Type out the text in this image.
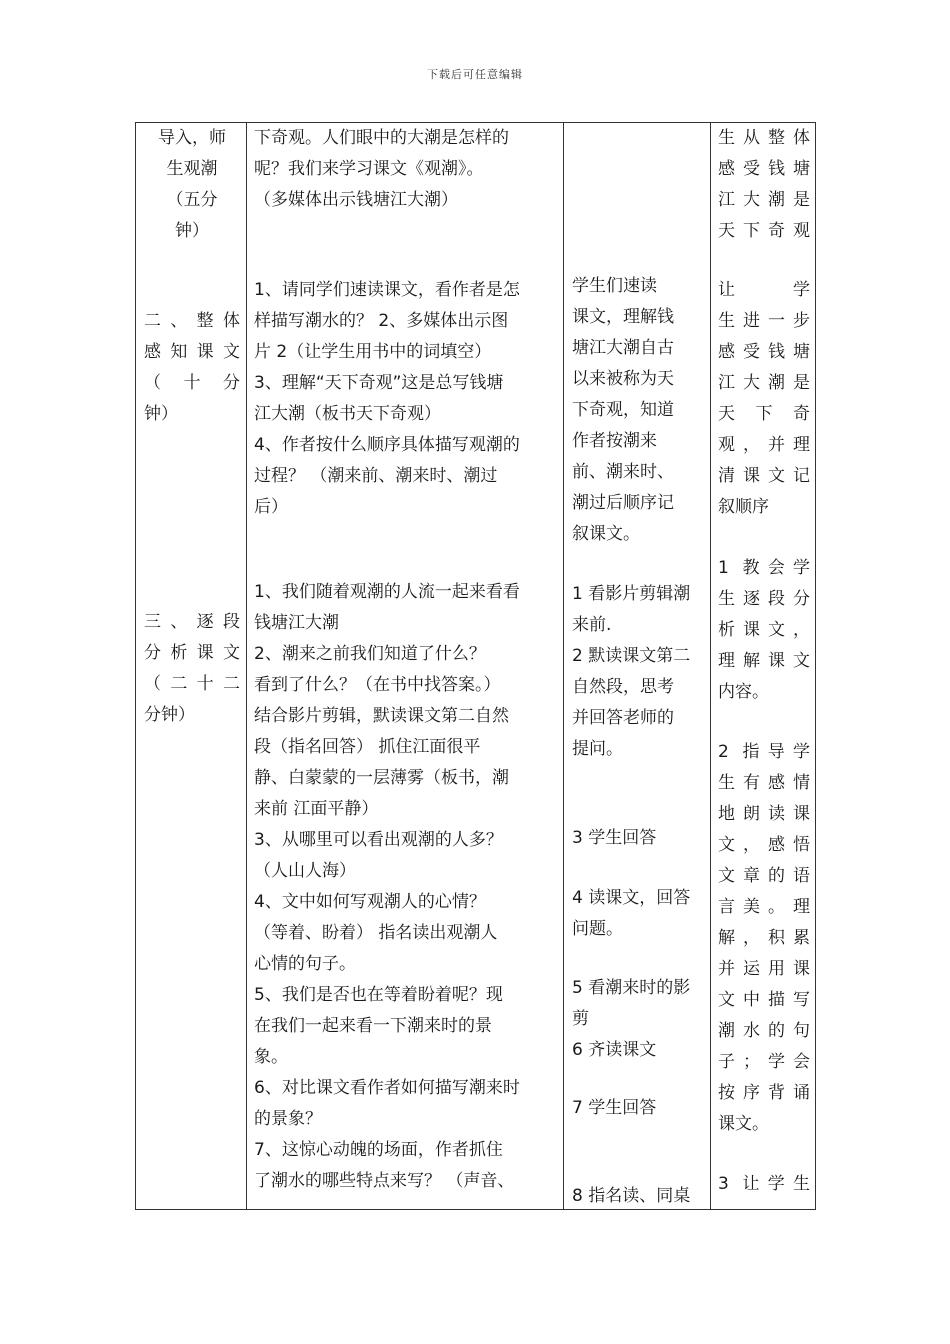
下载后可任意编辑

导入，师

生观潮

（五分

钟）

二、整体

感知课文

（ 十 分

钟）

三、逐段

分析课文

（二十二

分钟）

下奇观。人们眼中的大潮是怎样的

呢？我们来学习课文《观潮》。

（多媒体出示钱塘江大潮）

1、请同学们速读课文，看作者是怎

样描写潮水的？ 2、多媒体出示图

片 2（让学生用书中的词填空）

3、理解“天下奇观”这是总写钱塘

江大潮（板书天下奇观）

4、作者按什么顺序具体描写观潮的

过程？ （潮来前、潮来时、潮过

后）

1、我们随着观潮的人流一起来看看

钱塘江大潮

2、潮来之前我们知道了什么？

看到了什么？（在书中找答案。）

结合影片剪辑，默读课文第二自然

段（指名回答） 抓住江面很平

静、白蒙蒙的一层薄雾（板书，潮

来前 江面平静）

3、从哪里可以看出观潮的人多？

（人山人海）

4、文中如何写观潮人的心情？

（等着、盼着） 指名读出观潮人

心情的句子。

5、我们是否也在等着盼着呢？现

在我们一起来看一下潮来时的景

象。

6、对比课文看作者如何描写潮来时

的景象？

7、这惊心动魄的场面，作者抓住

了潮水的哪些特点来写？ （声音、

学生们速读

课文，理解钱

塘江大潮自古

以来被称为天

下奇观，知道

作者按潮来

前、潮来时、

潮过后顺序记

叙课文。

1 看影片剪辑潮

来前.

2 默读课文第二

自然段，思考

并回答老师的

提问。

3 学生回答

4 读课文，回答

问题。

5 看潮来时的影

剪

6 齐读课文

7 学生回答

8 指名读、同桌

生从整体

感受钱塘

江大潮是

天下奇观

让 学

生进一步

感受钱塘

江大潮是

天 下 奇

观，并理

清课文记

叙顺序

1 教会学

生逐段分

析课文，

理解课文

内容。

2 指导学

生有感情

地朗读课

文，感悟

文章的语

言美。理

解，积累

并运用课

文中描写

潮水的句

子；学会

按序背诵

课文。

3 让学生
